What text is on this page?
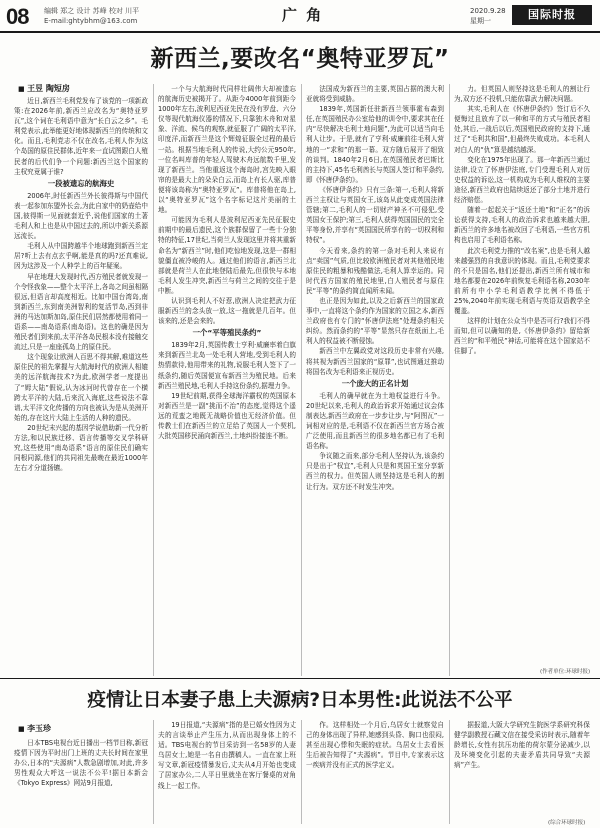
08 编辑 郑之 设计 苏峰 校对 川平
E-mail:ghtybhm@163.com	广 角	2020.9.28
星期一	国际时报
新西兰,要改名“奥特亚罗瓦”
■ 王昱 陶短房

近日,新西兰毛利党发布了该党的一项新政策:在2026年前,新西兰应改名为“奥特亚罗瓦”,这个词在毛利语中意为“长白云之乡”。毛利党表示,此举能更好地体现新西兰的传统和文化。而且,毛利党志不仅在改名,毛利人作为这个岛国的原住民群体,近年来一直试图跟白人殖民者的后代们争一个问题:新西兰这个国家的主权究竟属于谁?

一段被遗忘的航海史

2006年,时任新西兰外长彼得斯与中国代表一起参加东盟外长会,为此自家中的奶壶给中国,彼得斯一见面就套近乎,说他们国家的土著毛利人和上也是从中国过去的,所以中新关系源远流长。

毛利人从中国跨越半个地球跑到新西兰定居?听上去有点玄乎啊,能是真的吗?还真难说,因为这涉及一个人种学上的百年疑案。

早在地理大发现时代,西方殖民者就发现一个令怪我象——整个太平洋上,各岛之间虽相隔很远,但语言却高度相近。比如中国台湾岛,南到新西兰,东到南美洲智利的复活节岛,西到非洲的马达加斯加岛,原住民们居然都使用着同一语系——南岛语系(南岛语)。这也的确是因为殖民者们到来前,太平洋各岛民根本没有接触交流过,只是一座座孤岛上的原住民。

这个现象让欧洲人百思不得其解,难道这些原住民的祖先掌握与大航海时代的欧洲人相媲美的远洋航海技术?为此,欧洲学者一度提出了“姆大陆”假说,认为冰河时代曾存在一个横跨太平洋的大陆,后来沉入海底,这些说法不靠谱,太平洋文化传播的方向也被认为是从美洲开始的,存在这片大陆上生活的人种的遗民。

20世纪末兴起的基因学说借助新一代分析方法,和以民族迁移、语言传播等交叉学科研究,这些使用“南岛语系”语言的原住民们确实同根同源,他们的共同祖先最晚在最近1000年左右才分道扬镳。

一个与大航海时代同样壮阔伟大却被遗忘的航海历史被揭开了。从距今4000年前到距今1000年左右,波利尼西亚先民在没有罗盘、六分仪等现代航海仪器的情况下,只靠独木舟和对星象、洋流、候鸟的观察,就征服了广阔的太平洋,印度洋,而新西兰是这个辉煌征服全过程的最后一站。根据当地毛利人的传说,大约公元950年,一位名叫库普的年轻人驾驶木舟远航数千里,发现了新西兰。当他重返这个海岛时,宫先映入眼帘的是最大上的朵朵白云,而岛上有长人驱,库普便将该岛称为“奥特亚罗瓦”。库普将他在岛上,以“奥特亚罗瓦”这个名字标记这片美丽的土地。

可能因为毛利人是波利尼西亚先民征服史前期中的最后遗民,这个族群保留了一些十分独特的特征,17世纪,当荷兰人发现这里并将其重新命名为“新西兰”时,他们吃惊地发现,这是一群相貌僵直被冷峻的人。通过他们的语言,新西兰北部就是荷兰人在此地登陆后最先,但很快与本地毛利人发生冲突,新西兰与荷兰之间的交往于是中断。

认识到毛利人不好惹,欧洲人决定把武力征服新西兰的念头放一放,这一拖就是几百年。但该来的,还是会来的。

一个“平等殖民条约”

1839年2月,英国传教士亨利·威廉率着白旗来到新西兰北岛一处毛利人营地,受到毛利人的热情款待,他用带来的礼物,说服毛利人签下了一纸条约,随后英国便宣布新西兰为殖民地。后来新西兰殖民地,毛利人手持这份条约,据理力争。

19世纪前期,获得全球海洋霸权的英国原本对新西兰是一副“挑而不治”的态度,觉得这个遥远的荒蛮之地既无战略价值也无经济价值。但传教士们在新西兰的立足给了英国人一个契机,大批英国移民涌向新西兰,土地纠纷接连不断。

法国成为新西兰的主要,英国占据的澳大利亚就将受到威胁。

1839年,英国新任驻新西兰领事霍布森到任,在英国殖民办公室给他的训令中,要求其在任内“尽快解决毛利土地问题”,为此可以适当向毛利人让步。于是,就有了亨利·威廉前往毛利人营地的一“求和”的那一幕。双方随后展开了细致的谈判。1840年2月6日,在英国殖民者巴斯比的主持下,45名毛利酋长与英国人签订和平条约,即《怀唐伊条约》。

《怀唐伊条约》只有三条:第一,毛利人将新西兰主权让与英国女王,该岛从此变成英国法律管辖;第二,毛利人的一切财产神圣不可侵犯,受英国女王保护;第三,毛利人获得英国国民的完全平等身份,并享有“英国国民所享有的一切权利和特权”。

今天看来,条约的第一条对毛利人来说有点“卖国”气质,但比较欧洲殖民者对其他殖民地原住民的粗暴和残酷做法,毛利人算幸运的。同时代西方国家的殖民地里,白人殖民者与原住民“平等”的条约简直闻所未闻。

也正是因为如此,以及之后新西兰的国家政事中,一直将这个条约作为国家的立国之本,新西兰政府也有专门的“怀唐伊法庭”处理条约相关纠纷。然而条约的“平等”显然只存在纸面上,毛利人的权益被不断侵蚀。

新西兰中左翼政党对这段历史非常有兴趣,将其视为新西兰国家的“原罪”,也试图通过推动将国名改为毛利语来正视历史。

一个庞大的正名计划

毛利人的确早就在为土地权益进行斗争。20世纪以来,毛利人的政治诉求开始通过议会体制表达,新西兰政府在一步步让步,与“阿图瓦”一词相对应的是,毛利语不仅在新西兰官方场合被广泛使用,而且新西兰的很多地名都已有了毛利语名称。

争议随之而来,部分毛利人坚持认为,该条约只是出于“权宜”,毛利人只是和英国王室分享新西兰的权力。但英国人则坚持这是毛利人的割让行为。双方还不时发生冲突。

力。但英国人则坚持这是毛利人的割让行为,双方还不投机,只能依靠武力解决问题。

其实,毛利人在《怀唐伊条约》签订后不久便悔过且放弃了以一种和平的方式与殖民者相处,其后,一战后以后,英国殖民政府的支持下,通过了“毛利共和国”,但最终失败成功。本毛利人对白人的“仇”算是越结越深。

变化在1975年出现了。那一年新西兰通过法律,设立了怀唐伊法庭,专门受理毛利人对历史权益的诉讼,这一机构成为毛利人维权的主要途径,新西兰政府也陆续返还了部分土地并进行经济赔偿。

随着一起起关于“返还土地”和“正名”的诉讼获得支持,毛利人的政治诉求也越来越大胆,新西兰的许多地名被改回了毛利语,一些官方机构也启用了毛利语名称。

此次毛利党力推的“改名案”,也是毛利人越来越强烈的自我意识的体现。而且,毛利党要求的不只是国名,他们还提出,新西兰所有城市和地名都要在2026年前恢复毛利语名称,2030年前所有中小学毛利语教学比例不得低于25%,2040年前实现毛利语与英语双语教学全覆盖。

这样的计划在公众当中是否可行?我们不得而知,但可以确知的是,《怀唐伊条约》留给新西兰的“和平殖民”神话,可能将在这个国家站不住脚了。

(作者单位:环球时报)
疫情让日本妻子患上夫源病?日本男性:此说法不公平
■ 李玉珍

日本TBS电视台近日播出一档节目称,新冠疫情下因为平时出门上班的丈夫长时间在家里办公,日本的“夫源病”人数急剧增加,对此,许多男性观众大呼这一说法不公平!据日本新会《Tokyo Express》网站9月报道,

19日报道,“夫源病”指的是已婚女性因为丈夫的言谈举止产生压力,从而出现身体上的不适。TBS电视台的节目采访到一名58岁的人妻乌居女士,她是一名自由撰稿人。一直在家上班写文章,新冠疫情暴发后,丈夫从4月开始也变成了居家办公,二人平日里就坐在客厅餐桌的对角线上一起工作。

作。这样相处一个月后,乌居女士就察觉自己的身体出现了异样,她感到头昏、胸口也很闷,甚至出现心悸和失眠的症状。乌居女士去看医生后被告知得了“夫源病”。节目中,专家表示这一疾病并没有正式的医学定义。

据报道,大阪大学研究生院医学系研究科保健学副教授石藏文信在接受采访时表示,随着年龄增长,女性有抗压功能的荷尔蒙分泌减少,以及环境变化引起的夫妻矛盾共同导致“夫源病”产生。

(综合环球时报)
